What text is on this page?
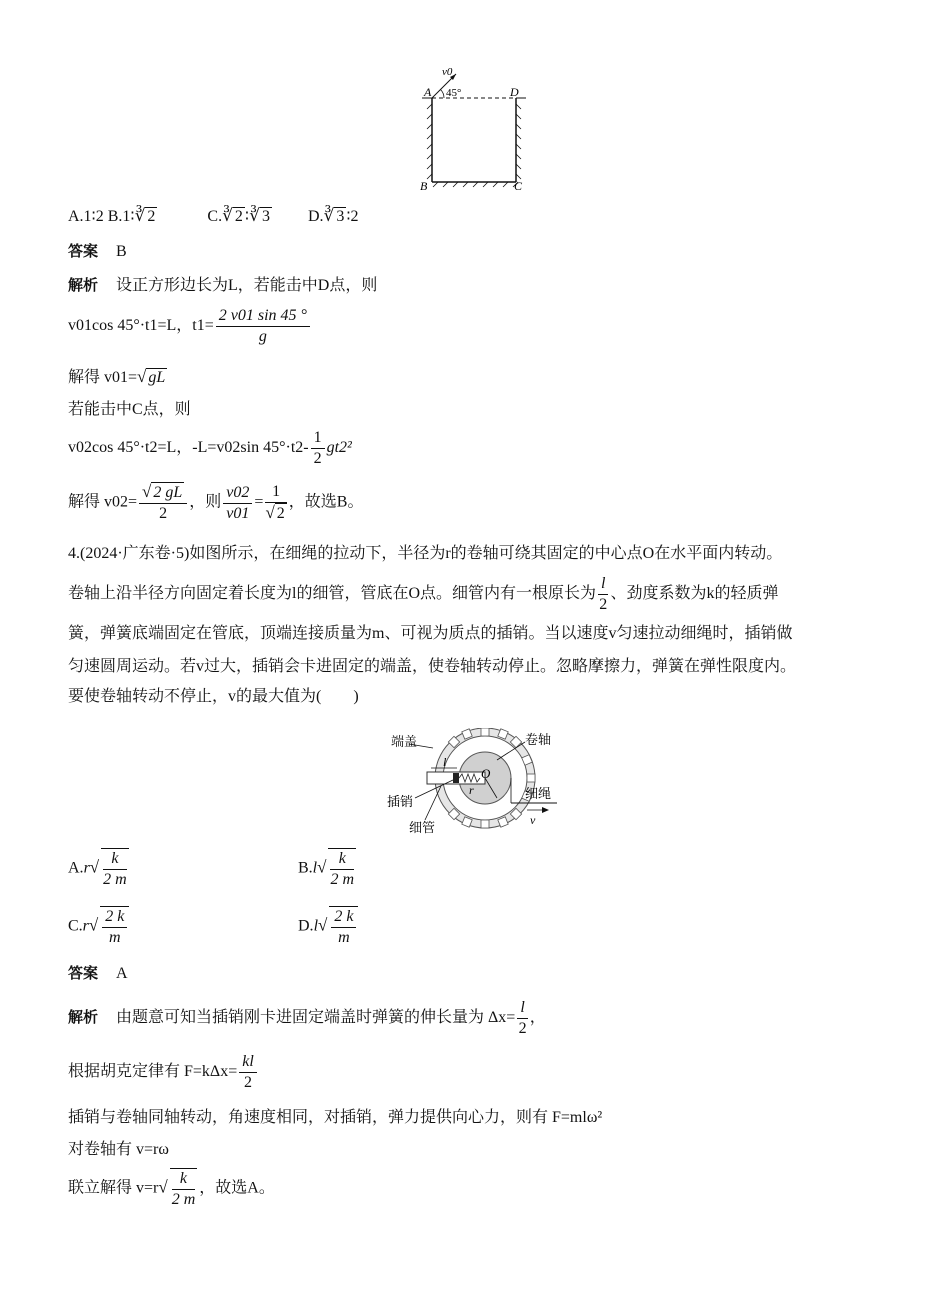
v0
A 45°	D
B	C
A.1∶2 B.1∶∛ 2	C.∛ 2 ∶∛ 3 D.∛ 3 ∶2
答案 B
解析 设正方形边长为L，若能击中D点，则
v01cos 45°·t1=L，$t1= \frac{2 v01 \sin 45 ^\circ}{g}$
解得 v01=√ gL
若能击中C点，则
v02cos 45°·t2=L，-L=v02sin $45^\circ\cdot t2- \frac{1}{2} gt2^2$
解得 $v02= \frac{√ 2 gL}{2}$ ，则 $\frac{v02}{v01} = \frac{1}{√ 2}$ ，故选B。
4.(2024·广东卷·5)如图所示，在细绳的拉动下，半径为r的卷轴可绕其固定的中心点O在水平面内转动。
卷轴上沿半径方向固定着长度为l的细管，管底在O点。细管内有一根原长为 $\frac{l}{2}$ 、劲度系数为k的轻质弹
簧，弹簧底端固定在管底，顶端连接质量为m、可视为质点的插销。当以速度v匀速拉动细绳时，插销做
匀速圆周运动。若v过大，插销会卡进固定的端盖，使卷轴转动停止。忽略摩擦力，弹簧在弹性限度内。
要使卷轴转动不停止，v的最大值为(　　)
端盖	卷轴
l
O
r	细绳
插销
细管
v
$A.r√ \frac{k}{2 m}$	$B.l√ \frac{k}{2 m}$
$C.r√ \frac{2 k}{m}$	$D.l√ \frac{2 k}{m}$
答案 A
解析 由题意可知当插销刚卡进固定端盖时弹簧的伸长量为 $\Delta x= \frac{l}{2}$ ，
根据胡克定律有 $F=k\Delta x= \frac{kl}{2}$
插销与卷轴同轴转动，角速度相同，对插销，弹力提供向心力，则有 F=mlω²
对卷轴有 v=rω
联立解得 $v=r√ \frac{k}{2 m}$ ，故选A。
